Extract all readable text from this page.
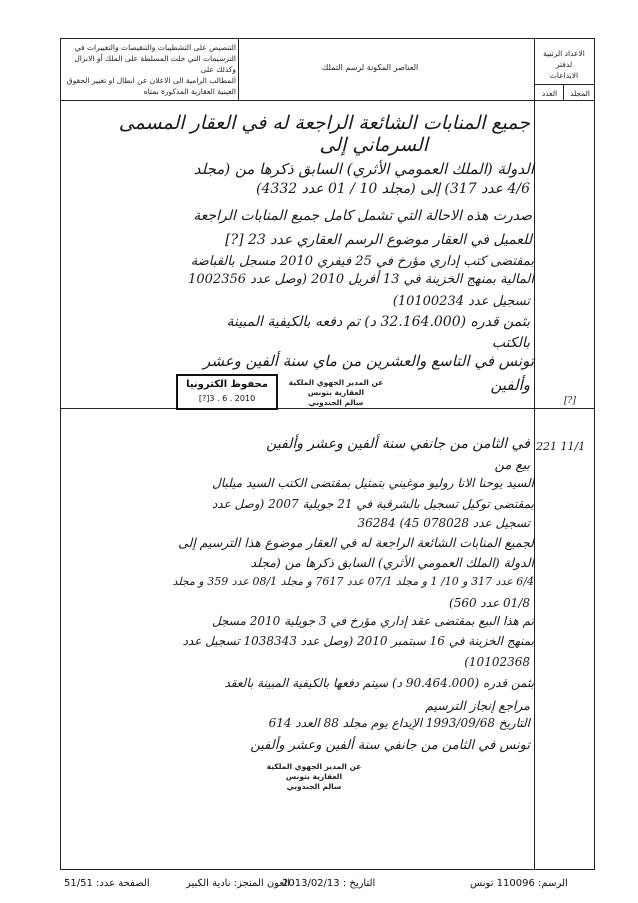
الاعداد الرتبية
لدفتر
الايداعات
المجلد
العدد
العناصر المكونة لرسم التملك
التنصيص على التشطيبات والتنقيصات والتغييرات في
الترسيمات التي حلت المسلطة على الملك أو الانزال وكذلك على
المطالب الرامية الى الاعلان عن ابطال او تغيير الحقوق
العينية العقارية المذكورة بمتاه
جميع المنابات الشائعة الراجعة له في العقار المسمى
السرماني إلى
الدولة (الملك العمومي الأثري) السابق ذكرها من (مجلد
4/6 عدد 317) إلى (مجلد 10 / 01 عدد 4332)
صدرت هذه الاحالة التي تشمل كامل جميع المنابات الراجعة
للعميل في العقار موضوع الرسم العقاري عدد 23 [?]
بمقتضى كتب إداري مؤرخ في 25 فيفري 2010 مسجل بالقباضة
المالية بمنهج الخزينة في 13 أفريل 2010 (وصل عدد 1002356
تسجيل عدد 10100234)
بثمن قدره (32.164.000 د) تم دفعه بالكيفية المبينة
بالكتب
تونس في التاسع والعشرين من ماي سنة ألفين وعشر
وألفين
عن المدير الجهوي الملكية
العقارية بتونس
سالم الجندوبي
محفوظ الكترونيا
2010 . 6 . 3[?]	[?]
221 11/1
في الثامن من جانفي سنة ألفين وعشر وألفين
بيع من
السيد يوحنا الانا روليو موغيني بتمثيل بمقتضى الكتب السيد ميلبال
بمقتضى توكيل تسجيل بالشرقية في 21 جويلية 2007 (وصل عدد
تسجيل عدد 078028 45) 36284
لجميع المنابات الشائعة الراجعة له في العقار موضوع هذا الترسيم إلى
الدولة (الملك العمومي الأثري) السابق ذكرها من (مجلد
6/4 عدد 317 و 10/ 1 و مجلد 07/1 عدد 7617 و مجلد 08/1 عدد 359 و مجلد
01/8 عدد 560)
تم هذا البيع بمقتضى عقد إداري مؤرخ في 3 جويلية 2010 مسجل
بمنهج الخزينة في 16 سبتمبر 2010 (وصل عدد 1038343 تسجيل عدد
10102368)
بثمن قدره (90.464.000 د) سيتم دفعها بالكيفية المبينة بالعقد
مراجع إنجاز الترسيم
التاريخ 1993/09/68 الإيداع يوم مجلد 88 العدد 614
تونس في الثامن من جانفي سنة ألفين وعشر وألفين
عن المدير الجهوي الملكية
العقارية بتونس
سالم الجندوبي
الرسم: 110096 تونس
التاريخ : 2013/02/13
العون المنجز: نادية الكبير
الصفحة عدد: 51/51
